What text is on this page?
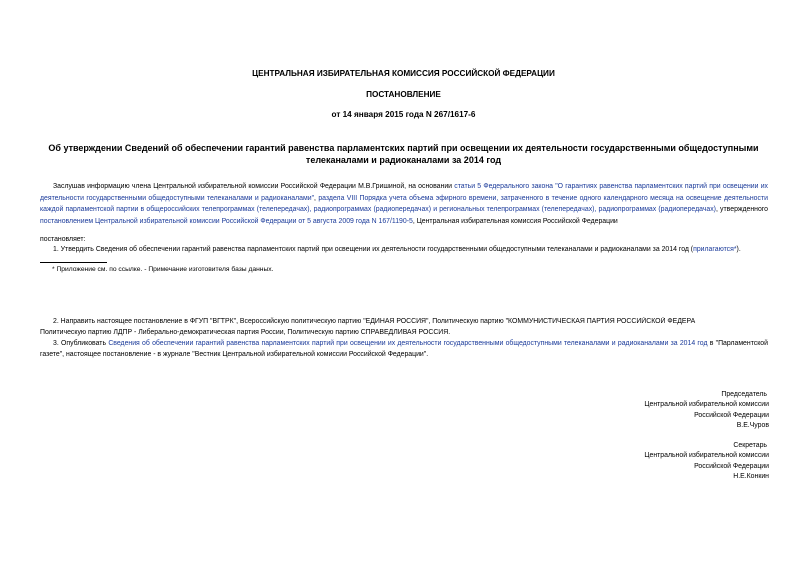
ЦЕНТРАЛЬНАЯ ИЗБИРАТЕЛЬНАЯ КОМИССИЯ РОССИЙСКОЙ ФЕДЕРАЦИИ
ПОСТАНОВЛЕНИЕ
от 14 января 2015 года N 267/1617-6
Об утверждении Сведений об обеспечении гарантий равенства парламентских партий при освещении их деятельности государственными общедоступными телеканалами и радиоканалами за 2014 год
Заслушав информацию члена Центральной избирательной комиссии Российской Федерации М.В.Гришиной, на основании статьи 5 Федерального закона "О гарантиях равенства парламентских партий при освещении их деятельности государственными общедоступными телеканалами и радиоканалами", раздела VIII Порядка учета объема эфирного времени, затраченного в течение одного календарного месяца на освещение деятельности каждой парламентской партии в общероссийских телепрограммах (телепередачах), радиопрограммах (радиопередачах) и региональных телепрограммах (телепередачах), радиопрограммах (радиопередачах), утвержденного постановлением Центральной избирательной комиссии Российской Федерации от 5 августа 2009 года N 167/1190-5, Центральная избирательная комиссия Российской Федерации
постановляет:
1. Утвердить Сведения об обеспечении гарантий равенства парламентских партий при освещении их деятельности государственными общедоступными телеканалами и радиоканалами за 2014 год (прилагаются*).
* Приложение см. по ссылке. - Примечание изготовителя базы данных.
2. Направить настоящее постановление в ФГУП "ВГТРК", Всероссийскую политическую партию "ЕДИНАЯ РОССИЯ", Политическую партию "КОММУНИСТИЧЕСКАЯ ПАРТИЯ РОССИЙСКОЙ ФЕДЕРА
Политическую партию ЛДПР - Либерально-демократическая партия России, Политическую партию СПРАВЕДЛИВАЯ РОССИЯ.
3. Опубликовать Сведения об обеспечении гарантий равенства парламентских партий при освещении их деятельности государственными общедоступными телеканалами и радиоканалами за 2014 год в "Парламентской газете", настоящее постановление - в журнале "Вестник Центральной избирательной комиссии Российской Федерации".
Председатель
Центральной избирательной комиссии
Российской Федерации
В.Е.Чуров
Секретарь
Центральной избирательной комиссии
Российской Федерации
Н.Е.Конкин
